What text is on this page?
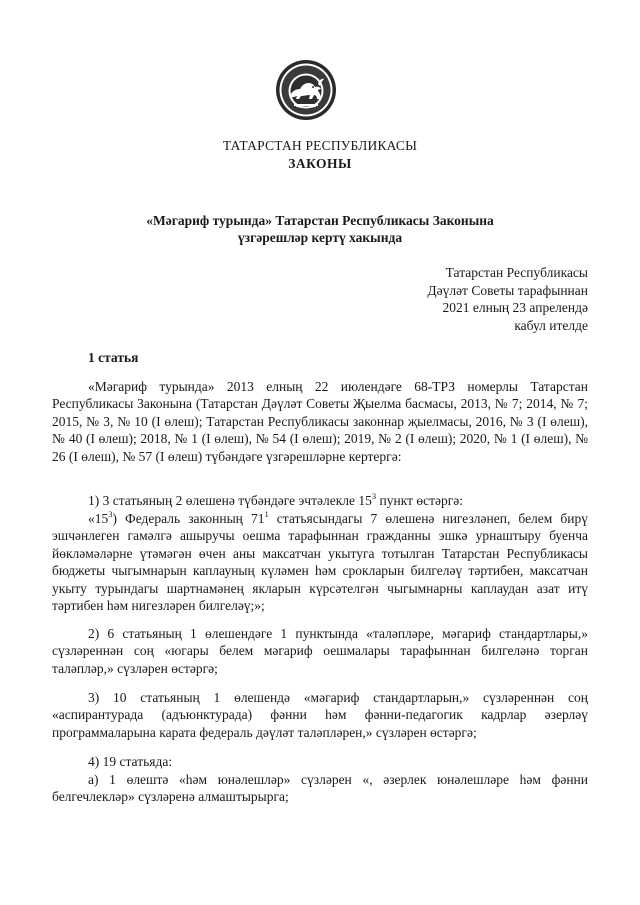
ТАТАРСТАН РЕСПУБЛИКАСЫ
ЗАКОНЫ
«Мәгариф турында» Татарстан Республикасы Законына
үзгәрешләр кертү хакында
Татарстан Республикасы
Дәүләт Советы тарафыннан
2021 елның 23 апрелендә
кабул ителде
1 статья

«Мәгариф турында» 2013 елның 22 июлендәге 68-ТРЗ номерлы Татарстан Республикасы Законына (Татарстан Дәүләт Советы Җыелма басмасы, 2013, № 7; 2014, № 7; 2015, № 3, № 10 (I өлеш); Татарстан Республикасы законнар җыелмасы, 2016, № 3 (I өлеш), № 40 (I өлеш); 2018, № 1 (I өлеш), № 54 (I өлеш); 2019, № 2 (I өлеш); 2020, № 1 (I өлеш), № 26 (I өлеш), № 57 (I өлеш) түбәндәге үзгәрешләрне кертергә:

1) 3 статьяның 2 өлешенә түбәндәге эчтәлекле $15^3$ пункт өстәргә:

«$15^3$) Федераль законның $71^1$ статьясындагы 7 өлешенә нигезләнеп, белем бирү эшчәнлеген гамәлгә ашыручы оешма тарафыннан гражданны эшкә урнаштыру буенча йөкләмәләрне үтәмәгән өчен аны максатчан укытуга тотылган Татарстан Республикасы бюджеты чыгымнарын каплауның күләмен һәм срокларын билгеләү тәртибен, максатчан укыту турындагы шартнамәнең якларын күрсәтелгән чыгымнарны каплаудан азат итү тәртибен һәм нигезләрен билгеләү;»;

2) 6 статьяның 1 өлешендәге 1 пунктында «таләпләре, мәгариф стандартлары,» сүзләреннән соң «югары белем мәгариф оешмалары тарафыннан билгеләнә торган таләпләр,» сүзләрен өстәргә;

3) 10 статьяның 1 өлешендә «мәгариф стандартларын,» сүзләреннән соң «аспирантурада (адъюнктурада) фәнни һәм фәнни-педагогик кадрлар әзерләү программаларына карата федераль дәүләт таләпләрен,» сүзләрен өстәргә;

4) 19 статьяда:

а) 1 өлештә «һәм юнәлешләр» сүзләрен «, әзерлек юнәлешләре һәм фәнни белгечлекләр» сүзләренә алмаштырырга;
